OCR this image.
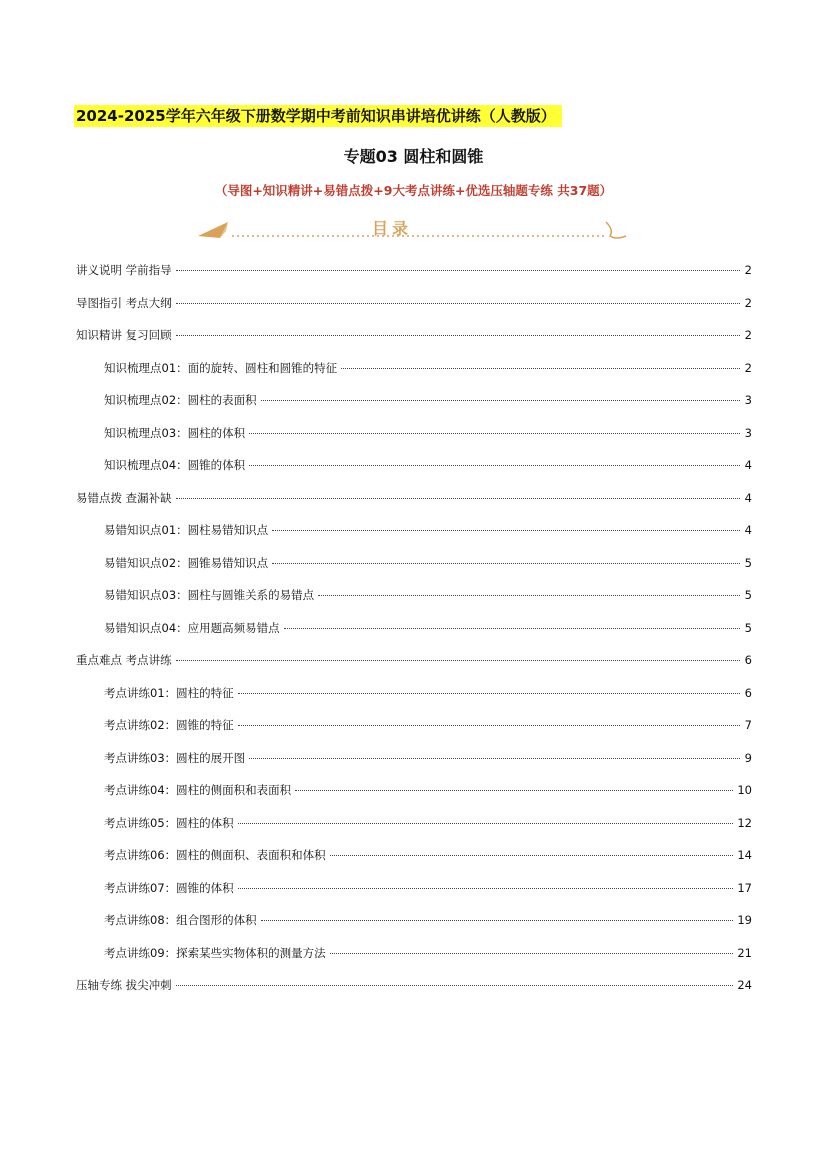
2024-2025学年六年级下册数学期中考前知识串讲培优讲练（人教版）
专题03 圆柱和圆锥
（导图+知识精讲+易错点拨+9大考点讲练+优选压轴题专练 共37题）
目录
讲义说明 学前指导	2
导图指引 考点大纲	2
知识精讲 复习回顾	2
知识梳理点01：面的旋转、圆柱和圆锥的特征	2
知识梳理点02：圆柱的表面积	3
知识梳理点03：圆柱的体积	3
知识梳理点04：圆锥的体积	4
易错点拨 查漏补缺	4
易错知识点01：圆柱易错知识点	4
易错知识点02：圆锥易错知识点	5
易错知识点03：圆柱与圆锥关系的易错点	5
易错知识点04：应用题高频易错点	5
重点难点 考点讲练	6
考点讲练01：圆柱的特征	6
考点讲练02：圆锥的特征	7
考点讲练03：圆柱的展开图	9
考点讲练04：圆柱的侧面积和表面积	10
考点讲练05：圆柱的体积	12
考点讲练06：圆柱的侧面积、表面积和体积	14
考点讲练07：圆锥的体积	17
考点讲练08：组合图形的体积	19
考点讲练09：探索某些实物体积的测量方法	21
压轴专练 拔尖冲刺	24
